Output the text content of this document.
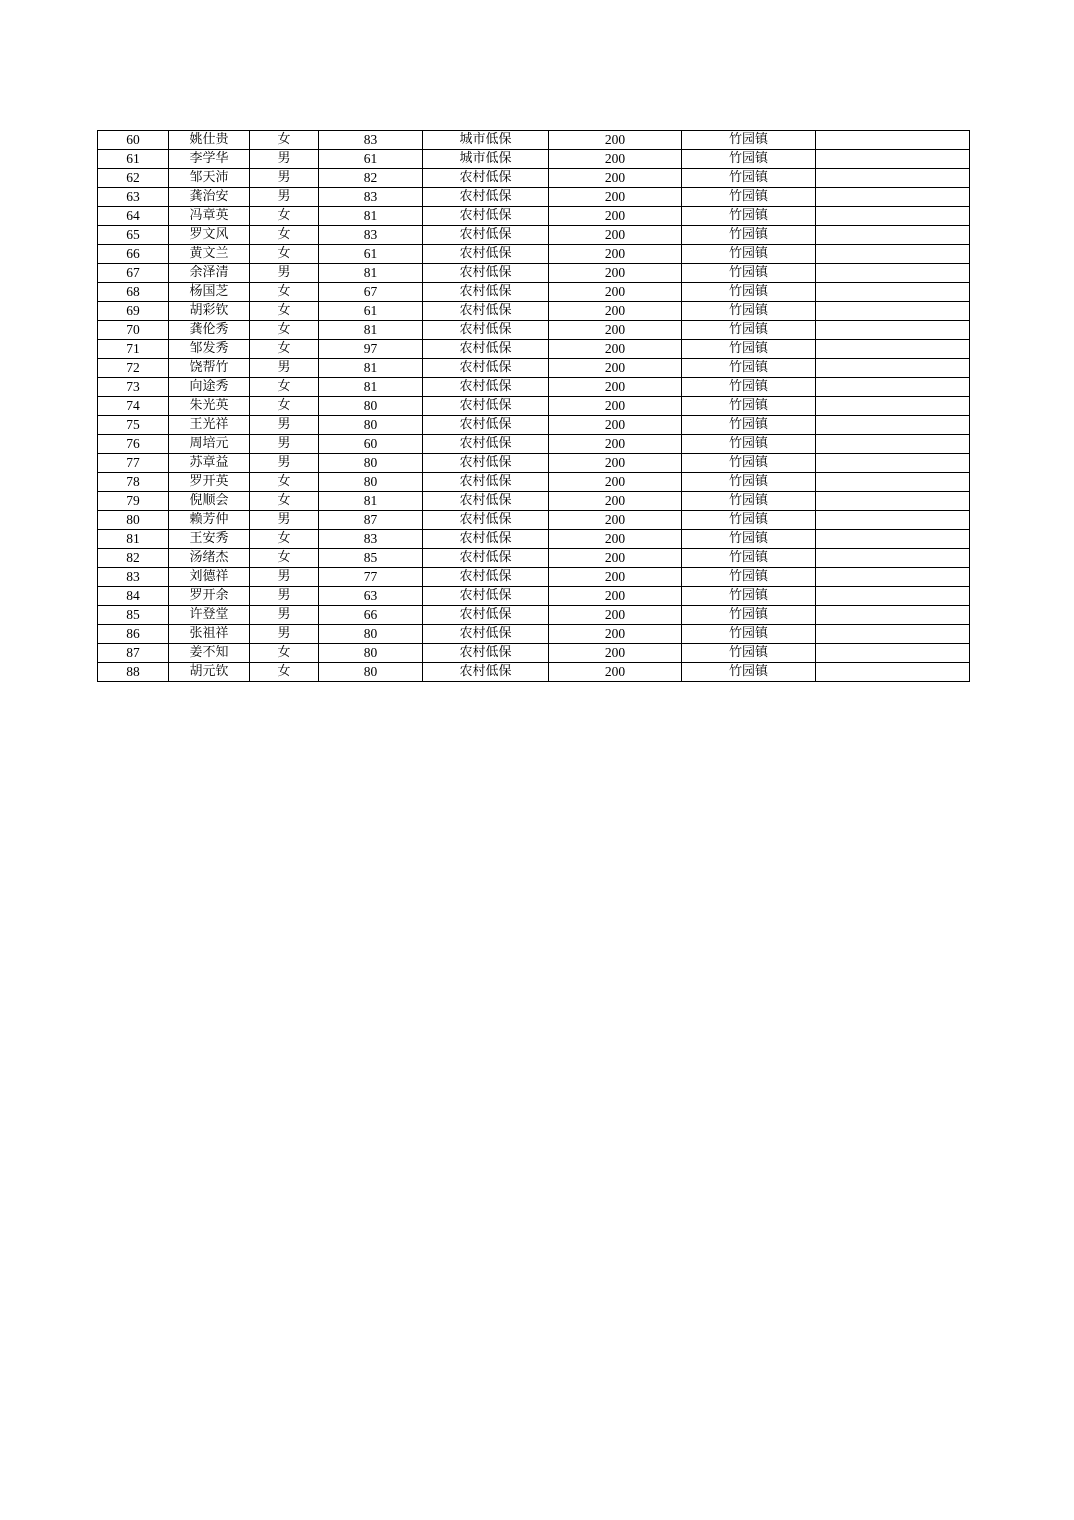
60	姚仕贵	女	83	城市低保	200	竹园镇	
61	李学华	男	61	城市低保	200	竹园镇	
62	邹天沛	男	82	农村低保	200	竹园镇	
63	龚治安	男	83	农村低保	200	竹园镇	
64	冯章英	女	81	农村低保	200	竹园镇	
65	罗文风	女	83	农村低保	200	竹园镇	
66	黄文兰	女	61	农村低保	200	竹园镇	
67	余泽清	男	81	农村低保	200	竹园镇	
68	杨国芝	女	67	农村低保	200	竹园镇	
69	胡彩钦	女	61	农村低保	200	竹园镇	
70	龚伦秀	女	81	农村低保	200	竹园镇	
71	邹发秀	女	97	农村低保	200	竹园镇	
72	饶帮竹	男	81	农村低保	200	竹园镇	
73	向途秀	女	81	农村低保	200	竹园镇	
74	朱光英	女	80	农村低保	200	竹园镇	
75	王光祥	男	80	农村低保	200	竹园镇	
76	周培元	男	60	农村低保	200	竹园镇	
77	苏章益	男	80	农村低保	200	竹园镇	
78	罗开英	女	80	农村低保	200	竹园镇	
79	倪顺会	女	81	农村低保	200	竹园镇	
80	赖芳仲	男	87	农村低保	200	竹园镇	
81	王安秀	女	83	农村低保	200	竹园镇	
82	汤绪杰	女	85	农村低保	200	竹园镇	
83	刘德祥	男	77	农村低保	200	竹园镇	
84	罗开余	男	63	农村低保	200	竹园镇	
85	许登堂	男	66	农村低保	200	竹园镇	
86	张祖祥	男	80	农村低保	200	竹园镇	
87	姜不知	女	80	农村低保	200	竹园镇	
88	胡元钦	女	80	农村低保	200	竹园镇	
